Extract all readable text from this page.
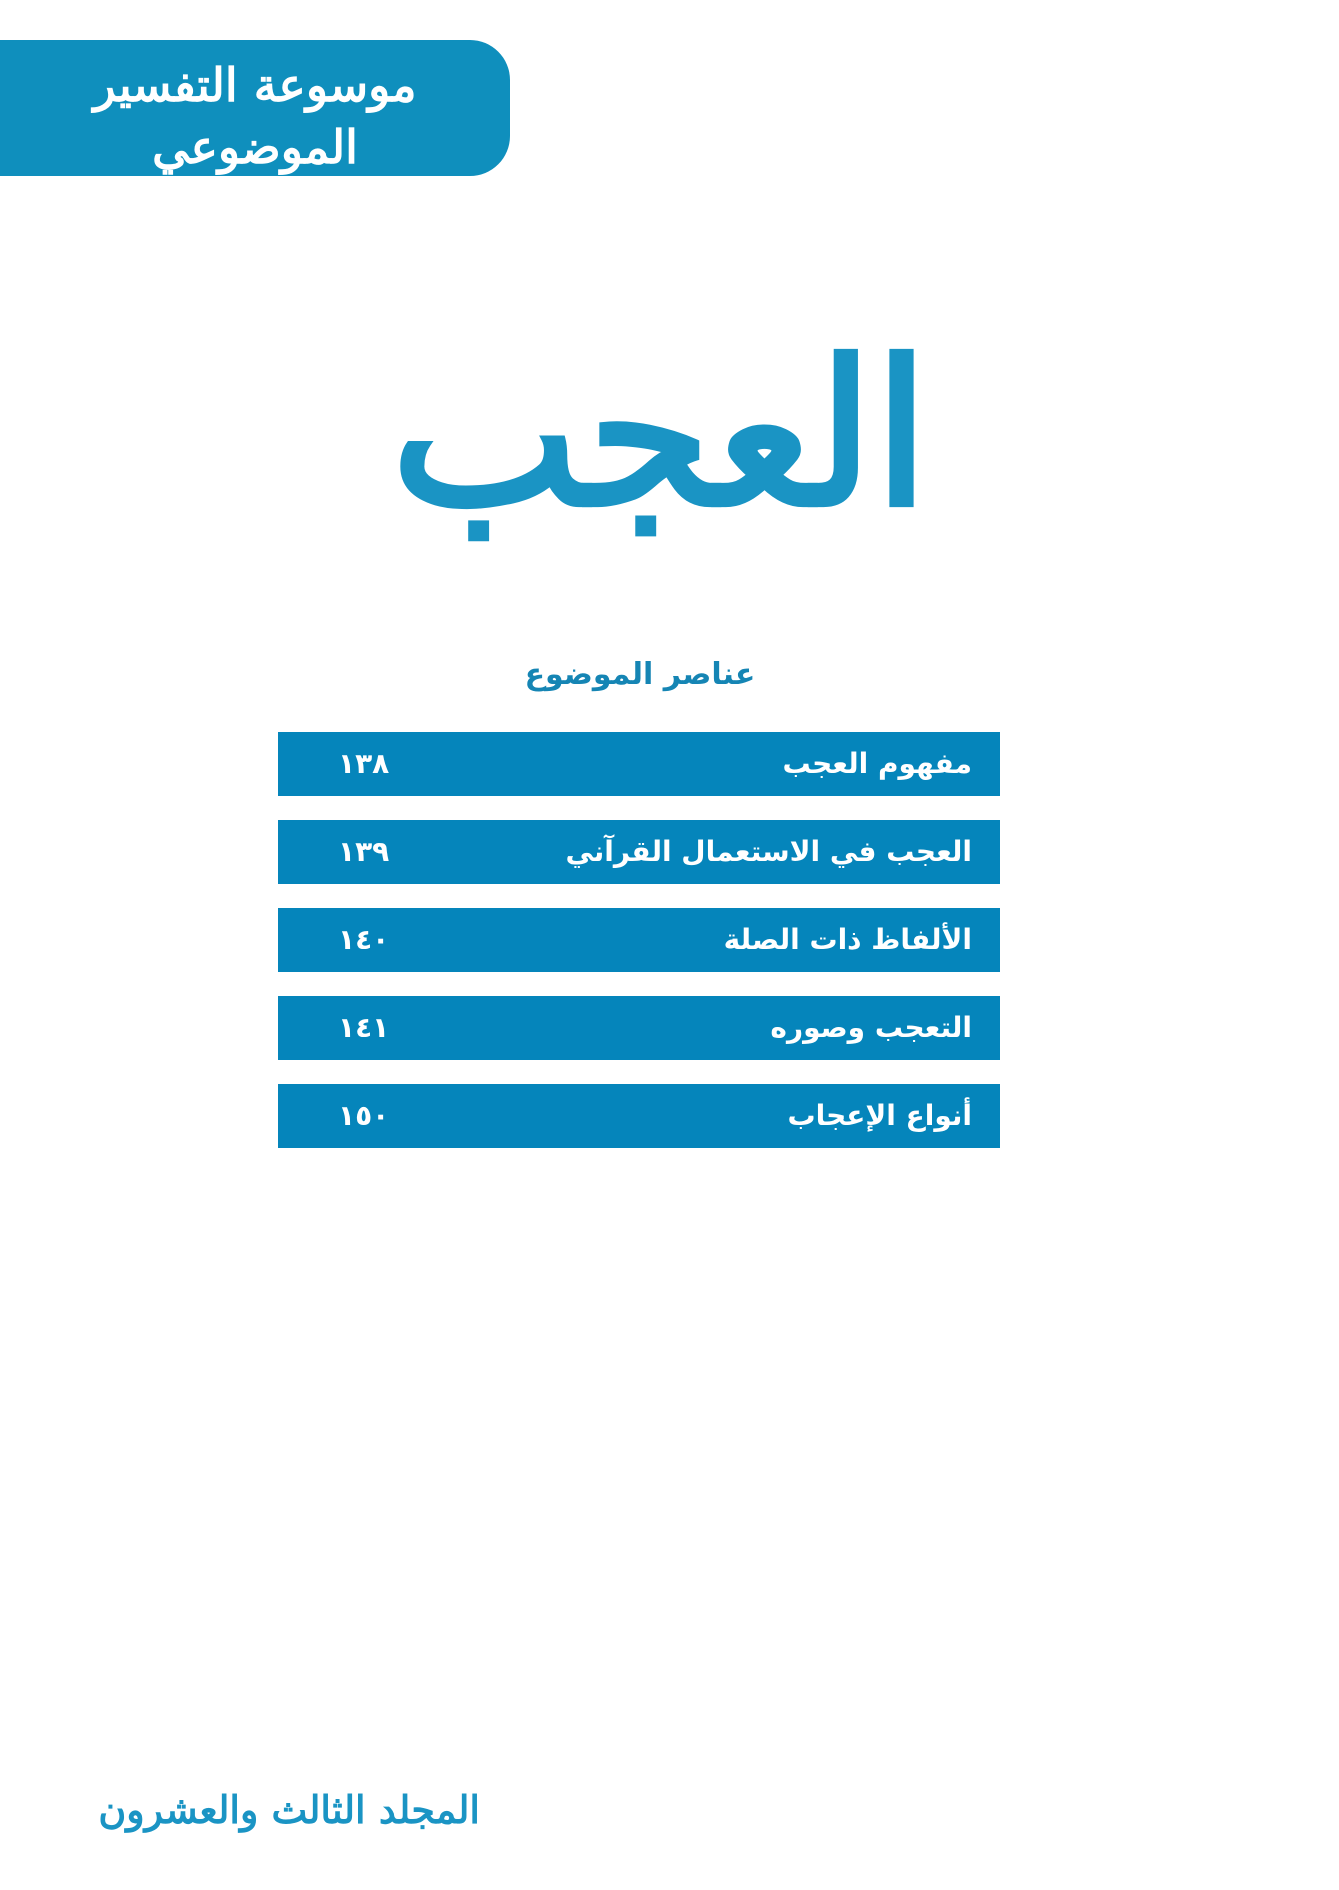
موسوعة التفسير الموضوعي
للقرآن الكريم
العجب
عناصر الموضوع
مفهوم العجب
١٣٨
العجب في الاستعمال القرآني
١٣٩
الألفاظ ذات الصلة
١٤٠
التعجب وصوره
١٤١
أنواع الإعجاب
١٥٠
المجلد الثالث والعشرون
